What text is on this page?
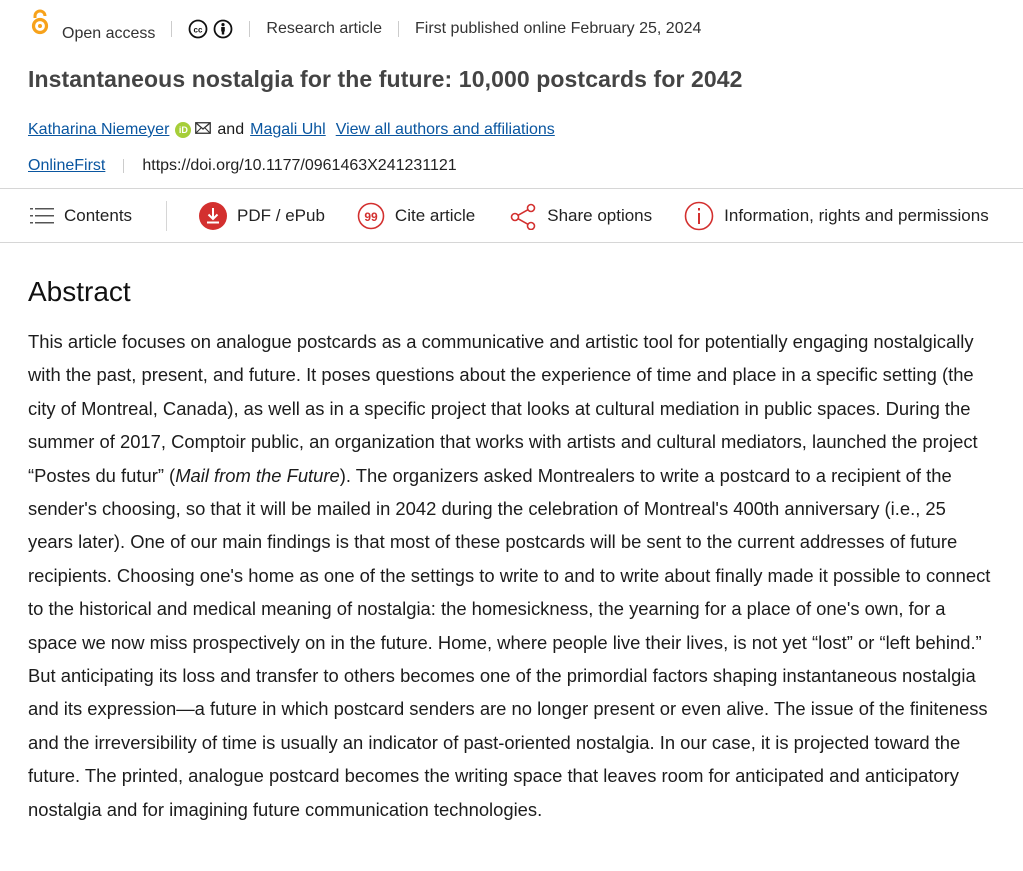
Open access	cc	Research article First published online February 25, 2024
Instantaneous nostalgia for the future: 10,000 postcards for 2042
Katharina Niemeyer	iD and Magali Uhl View all authors and affiliations
OnlineFirst https://doi.org/10.1177/0961463X241231121
Contents	PDF / ePub	99 Cite article	Share options	Information, rights and permissions
Abstract

This article focuses on analogue postcards as a communicative and artistic tool for potentially engaging nostalgically with the past, present, and future. It poses questions about the experience of time and place in a specific setting (the city of Montreal, Canada), as well as in a specific project that looks at cultural mediation in public spaces. During the summer of 2017, Comptoir public, an organization that works with artists and cultural mediators, launched the project “Postes du futur” (Mail from the Future). The organizers asked Montrealers to write a postcard to a recipient of the sender's choosing, so that it will be mailed in 2042 during the celebration of Montreal's 400th anniversary (i.e., 25 years later). One of our main findings is that most of these postcards will be sent to the current addresses of future recipients. Choosing one's home as one of the settings to write to and to write about finally made it possible to connect to the historical and medical meaning of nostalgia: the homesickness, the yearning for a place of one's own, for a space we now miss prospectively on in the future. Home, where people live their lives, is not yet “lost” or “left behind.” But anticipating its loss and transfer to others becomes one of the primordial factors shaping instantaneous nostalgia and its expression—a future in which postcard senders are no longer present or even alive. The issue of the finiteness and the irreversibility of time is usually an indicator of past-oriented nostalgia. In our case, it is projected toward the future. The printed, analogue postcard becomes the writing space that leaves room for anticipated and anticipatory nostalgia and for imagining future communication technologies.
